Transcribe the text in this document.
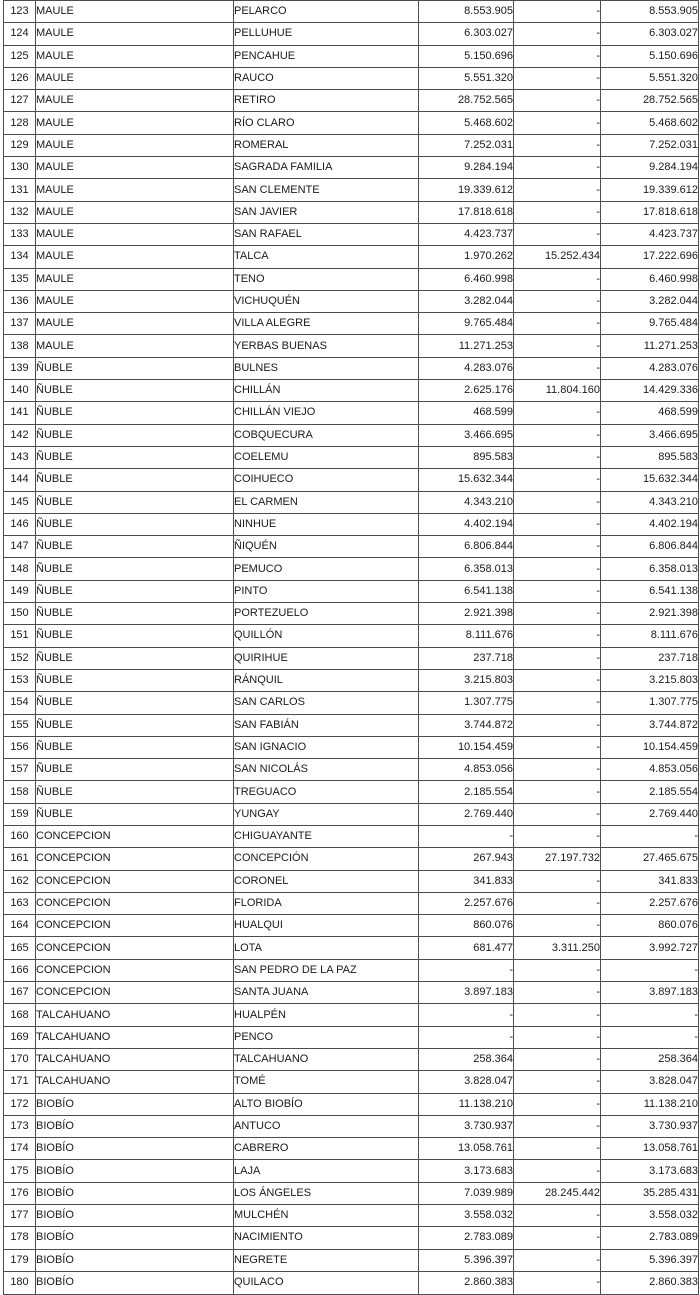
123	MAULE	PELARCO	8.553.905	-	8.553.905
124	MAULE	PELLUHUE	6.303.027	-	6.303.027
125	MAULE	PENCAHUE	5.150.696	-	5.150.696
126	MAULE	RAUCO	5.551.320	-	5.551.320
127	MAULE	RETIRO	28.752.565	-	28.752.565
128	MAULE	RÍO CLARO	5.468.602	-	5.468.602
129	MAULE	ROMERAL	7.252.031	-	7.252.031
130	MAULE	SAGRADA FAMILIA	9.284.194	-	9.284.194
131	MAULE	SAN CLEMENTE	19.339.612	-	19.339.612
132	MAULE	SAN JAVIER	17.818.618	-	17.818.618
133	MAULE	SAN RAFAEL	4.423.737	-	4.423.737
134	MAULE	TALCA	1.970.262	15.252.434	17.222.696
135	MAULE	TENO	6.460.998	-	6.460.998
136	MAULE	VICHUQUÉN	3.282.044	-	3.282.044
137	MAULE	VILLA ALEGRE	9.765.484	-	9.765.484
138	MAULE	YERBAS BUENAS	11.271.253	-	11.271.253
139	ÑUBLE	BULNES	4.283.076	-	4.283.076
140	ÑUBLE	CHILLÁN	2.625.176	11.804.160	14.429.336
141	ÑUBLE	CHILLÁN VIEJO	468.599	-	468.599
142	ÑUBLE	COBQUECURA	3.466.695	-	3.466.695
143	ÑUBLE	COELEMU	895.583	-	895.583
144	ÑUBLE	COIHUECO	15.632.344	-	15.632.344
145	ÑUBLE	EL CARMEN	4.343.210	-	4.343.210
146	ÑUBLE	NINHUE	4.402.194	-	4.402.194
147	ÑUBLE	ÑIQUÉN	6.806.844	-	6.806.844
148	ÑUBLE	PEMUCO	6.358.013	-	6.358.013
149	ÑUBLE	PINTO	6.541.138	-	6.541.138
150	ÑUBLE	PORTEZUELO	2.921.398	-	2.921.398
151	ÑUBLE	QUILLÓN	8.111.676	-	8.111.676
152	ÑUBLE	QUIRIHUE	237.718	-	237.718
153	ÑUBLE	RÁNQUIL	3.215.803	-	3.215.803
154	ÑUBLE	SAN CARLOS	1.307.775	-	1.307.775
155	ÑUBLE	SAN FABIÁN	3.744.872	-	3.744.872
156	ÑUBLE	SAN IGNACIO	10.154.459	-	10.154.459
157	ÑUBLE	SAN NICOLÁS	4.853.056	-	4.853.056
158	ÑUBLE	TREGUACO	2.185.554	-	2.185.554
159	ÑUBLE	YUNGAY	2.769.440	-	2.769.440
160	CONCEPCION	CHIGUAYANTE	-	-	-
161	CONCEPCION	CONCEPCIÓN	267.943	27.197.732	27.465.675
162	CONCEPCION	CORONEL	341.833	-	341.833
163	CONCEPCION	FLORIDA	2.257.676	-	2.257.676
164	CONCEPCION	HUALQUI	860.076	-	860.076
165	CONCEPCION	LOTA	681.477	3.311.250	3.992.727
166	CONCEPCION	SAN PEDRO DE LA PAZ	-	-	-
167	CONCEPCION	SANTA JUANA	3.897.183	-	3.897.183
168	TALCAHUANO	HUALPÉN	-	-	-
169	TALCAHUANO	PENCO	-	-	-
170	TALCAHUANO	TALCAHUANO	258.364	-	258.364
171	TALCAHUANO	TOMÉ	3.828.047	-	3.828.047
172	BIOBÍO	ALTO BIOBÍO	11.138.210	-	11.138.210
173	BIOBÍO	ANTUCO	3.730.937	-	3.730.937
174	BIOBÍO	CABRERO	13.058.761	-	13.058.761
175	BIOBÍO	LAJA	3.173.683	-	3.173.683
176	BIOBÍO	LOS ÁNGELES	7.039.989	28.245.442	35.285.431
177	BIOBÍO	MULCHÉN	3.558.032	-	3.558.032
178	BIOBÍO	NACIMIENTO	2.783.089	-	2.783.089
179	BIOBÍO	NEGRETE	5.396.397	-	5.396.397
180	BIOBÍO	QUILACO	2.860.383	-	2.860.383
